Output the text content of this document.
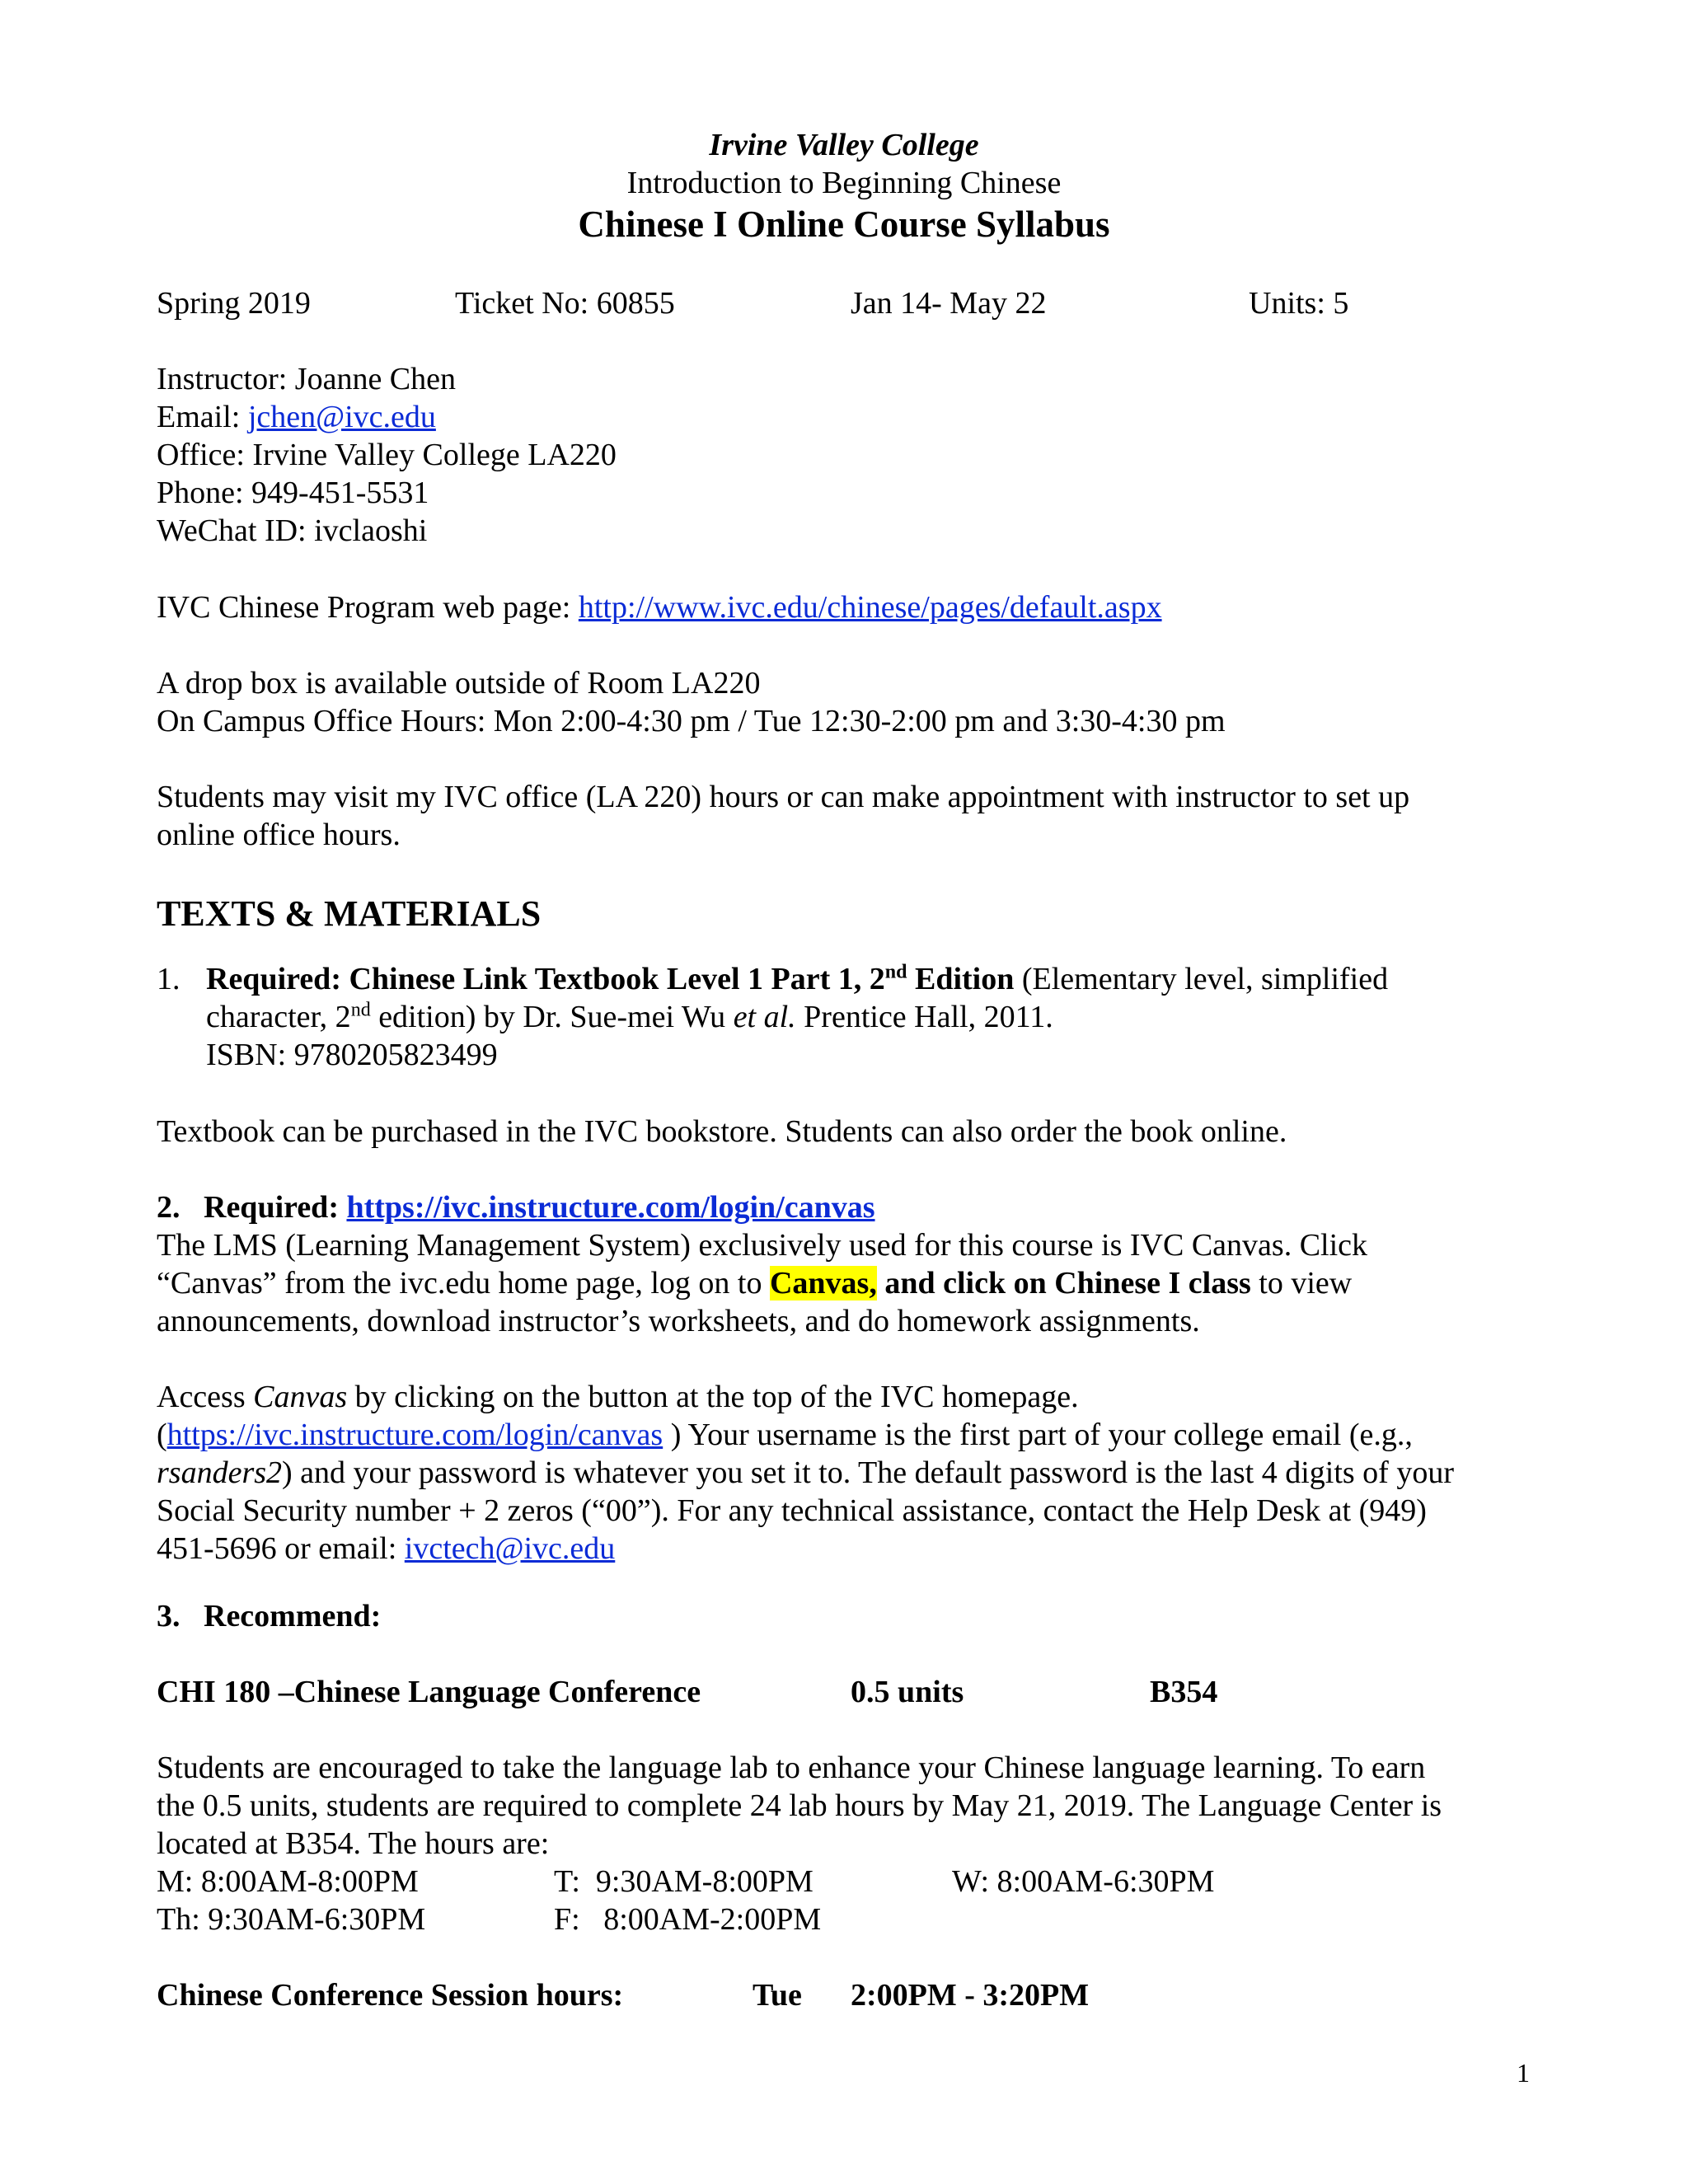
Irvine Valley College
Introduction to Beginning Chinese
Chinese I Online Course Syllabus
Spring 2019	Ticket No: 60855	Jan 14- May 22	Units: 5
Instructor: Joanne Chen
Email: jchen@ivc.edu
Office: Irvine Valley College LA220
Phone: 949-451-5531
WeChat ID: ivclaoshi
IVC Chinese Program web page: http://www.ivc.edu/chinese/pages/default.aspx
A drop box is available outside of Room LA220
On Campus Office Hours: Mon 2:00-4:30 pm / Tue 12:30-2:00 pm and 3:30-4:30 pm
Students may visit my IVC office (LA 220) hours or can make appointment with instructor to set up
online office hours.
TEXTS & MATERIALS
1. Required: Chinese Link Textbook Level 1 Part 1, 2nd Edition (Elementary level, simplified
character, 2nd edition) by Dr. Sue-mei Wu et al. Prentice Hall, 2011.
ISBN: 9780205823499
Textbook can be purchased in the IVC bookstore. Students can also order the book online.
2.   Required: https://ivc.instructure.com/login/canvas
The LMS (Learning Management System) exclusively used for this course is IVC Canvas. Click
“Canvas” from the ivc.edu home page, log on to Canvas, and click on Chinese I class to view
announcements, download instructor’s worksheets, and do homework assignments.
Access Canvas by clicking on the button at the top of the IVC homepage.
(https://ivc.instructure.com/login/canvas ) Your username is the first part of your college email (e.g.,
rsanders2) and your password is whatever you set it to. The default password is the last 4 digits of your
Social Security number + 2 zeros (“00”). For any technical assistance, contact the Help Desk at (949)
451-5696 or email: ivctech@ivc.edu
3.   Recommend:
CHI 180 –Chinese Language Conference	0.5 units	B354
Students are encouraged to take the language lab to enhance your Chinese language learning. To earn
the 0.5 units, students are required to complete 24 lab hours by May 21, 2019. The Language Center is
located at B354. The hours are:
M: 8:00AM-8:00PM	T:  9:30AM-8:00PM	W: 8:00AM-6:30PM
Th: 9:30AM-6:30PM	F:   8:00AM-2:00PM
Chinese Conference Session hours:	Tue 2:00PM - 3:20PM
1
